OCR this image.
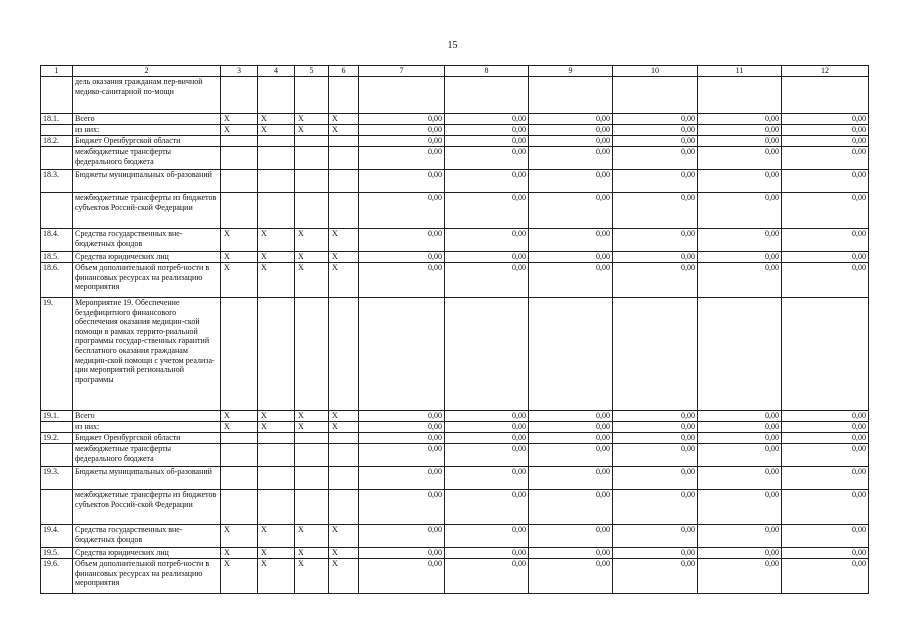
15
1	2	3	4	5	6	7	8	9	10	11	12
	дель оказания гражданам пер-вичной медико-санитарной по-мощи										
18.1.	Всего	X	X	X	X	0,00	0,00	0,00	0,00	0,00	0,00
	из них:	X	X	X	X	0,00	0,00	0,00	0,00	0,00	0,00
18.2.	Бюджет Оренбургской области					0,00	0,00	0,00	0,00	0,00	0,00
	межбюджетные трансферты федерального бюджета					0,00	0,00	0,00	0,00	0,00	0,00
18.3.	Бюджеты муниципальных об-разований					0,00	0,00	0,00	0,00	0,00	0,00
	межбюджетные трансферты из бюджетов субъектов Россий-ской Федерации					0,00	0,00	0,00	0,00	0,00	0,00
18.4.	Средства государственных вне-бюджетных фондов	X	X	X	X	0,00	0,00	0,00	0,00	0,00	0,00
18.5.	Средства юридических лиц	X	X	X	X	0,00	0,00	0,00	0,00	0,00	0,00
18.6.	Объем дополнительной потреб-ности в финансовых ресурсах на реализацию мероприятия	X	X	X	X	0,00	0,00	0,00	0,00	0,00	0,00
19.	Мероприятие 19. Обеспечение бездефицитного финансового обеспечения оказания медицин-ской помощи в рамках террито-риальной программы государ-ственных гарантий бесплатного оказания гражданам медицин-ской помощи с учетом реализа-ции мероприятий региональной программы										
19.1.	Всего	X	X	X	X	0,00	0,00	0,00	0,00	0,00	0,00
	из них:	X	X	X	X	0,00	0,00	0,00	0,00	0,00	0,00
19.2.	Бюджет Оренбургской области					0,00	0,00	0,00	0,00	0,00	0,00
	межбюджетные трансферты федерального бюджета					0,00	0,00	0,00	0,00	0,00	0,00
19.3.	Бюджеты муниципальных об-разований					0,00	0,00	0,00	0,00	0,00	0,00
	межбюджетные трансферты из бюджетов субъектов Россий-ской Федерации					0,00	0,00	0,00	0,00	0,00	0,00
19.4.	Средства государственных вне-бюджетных фондов	X	X	X	X	0,00	0,00	0,00	0,00	0,00	0,00
19.5.	Средства юридических лиц	X	X	X	X	0,00	0,00	0,00	0,00	0,00	0,00
19.6.	Объем дополнительной потреб-ности в финансовых ресурсах на реализацию мероприятия	X	X	X	X	0,00	0,00	0,00	0,00	0,00	0,00
